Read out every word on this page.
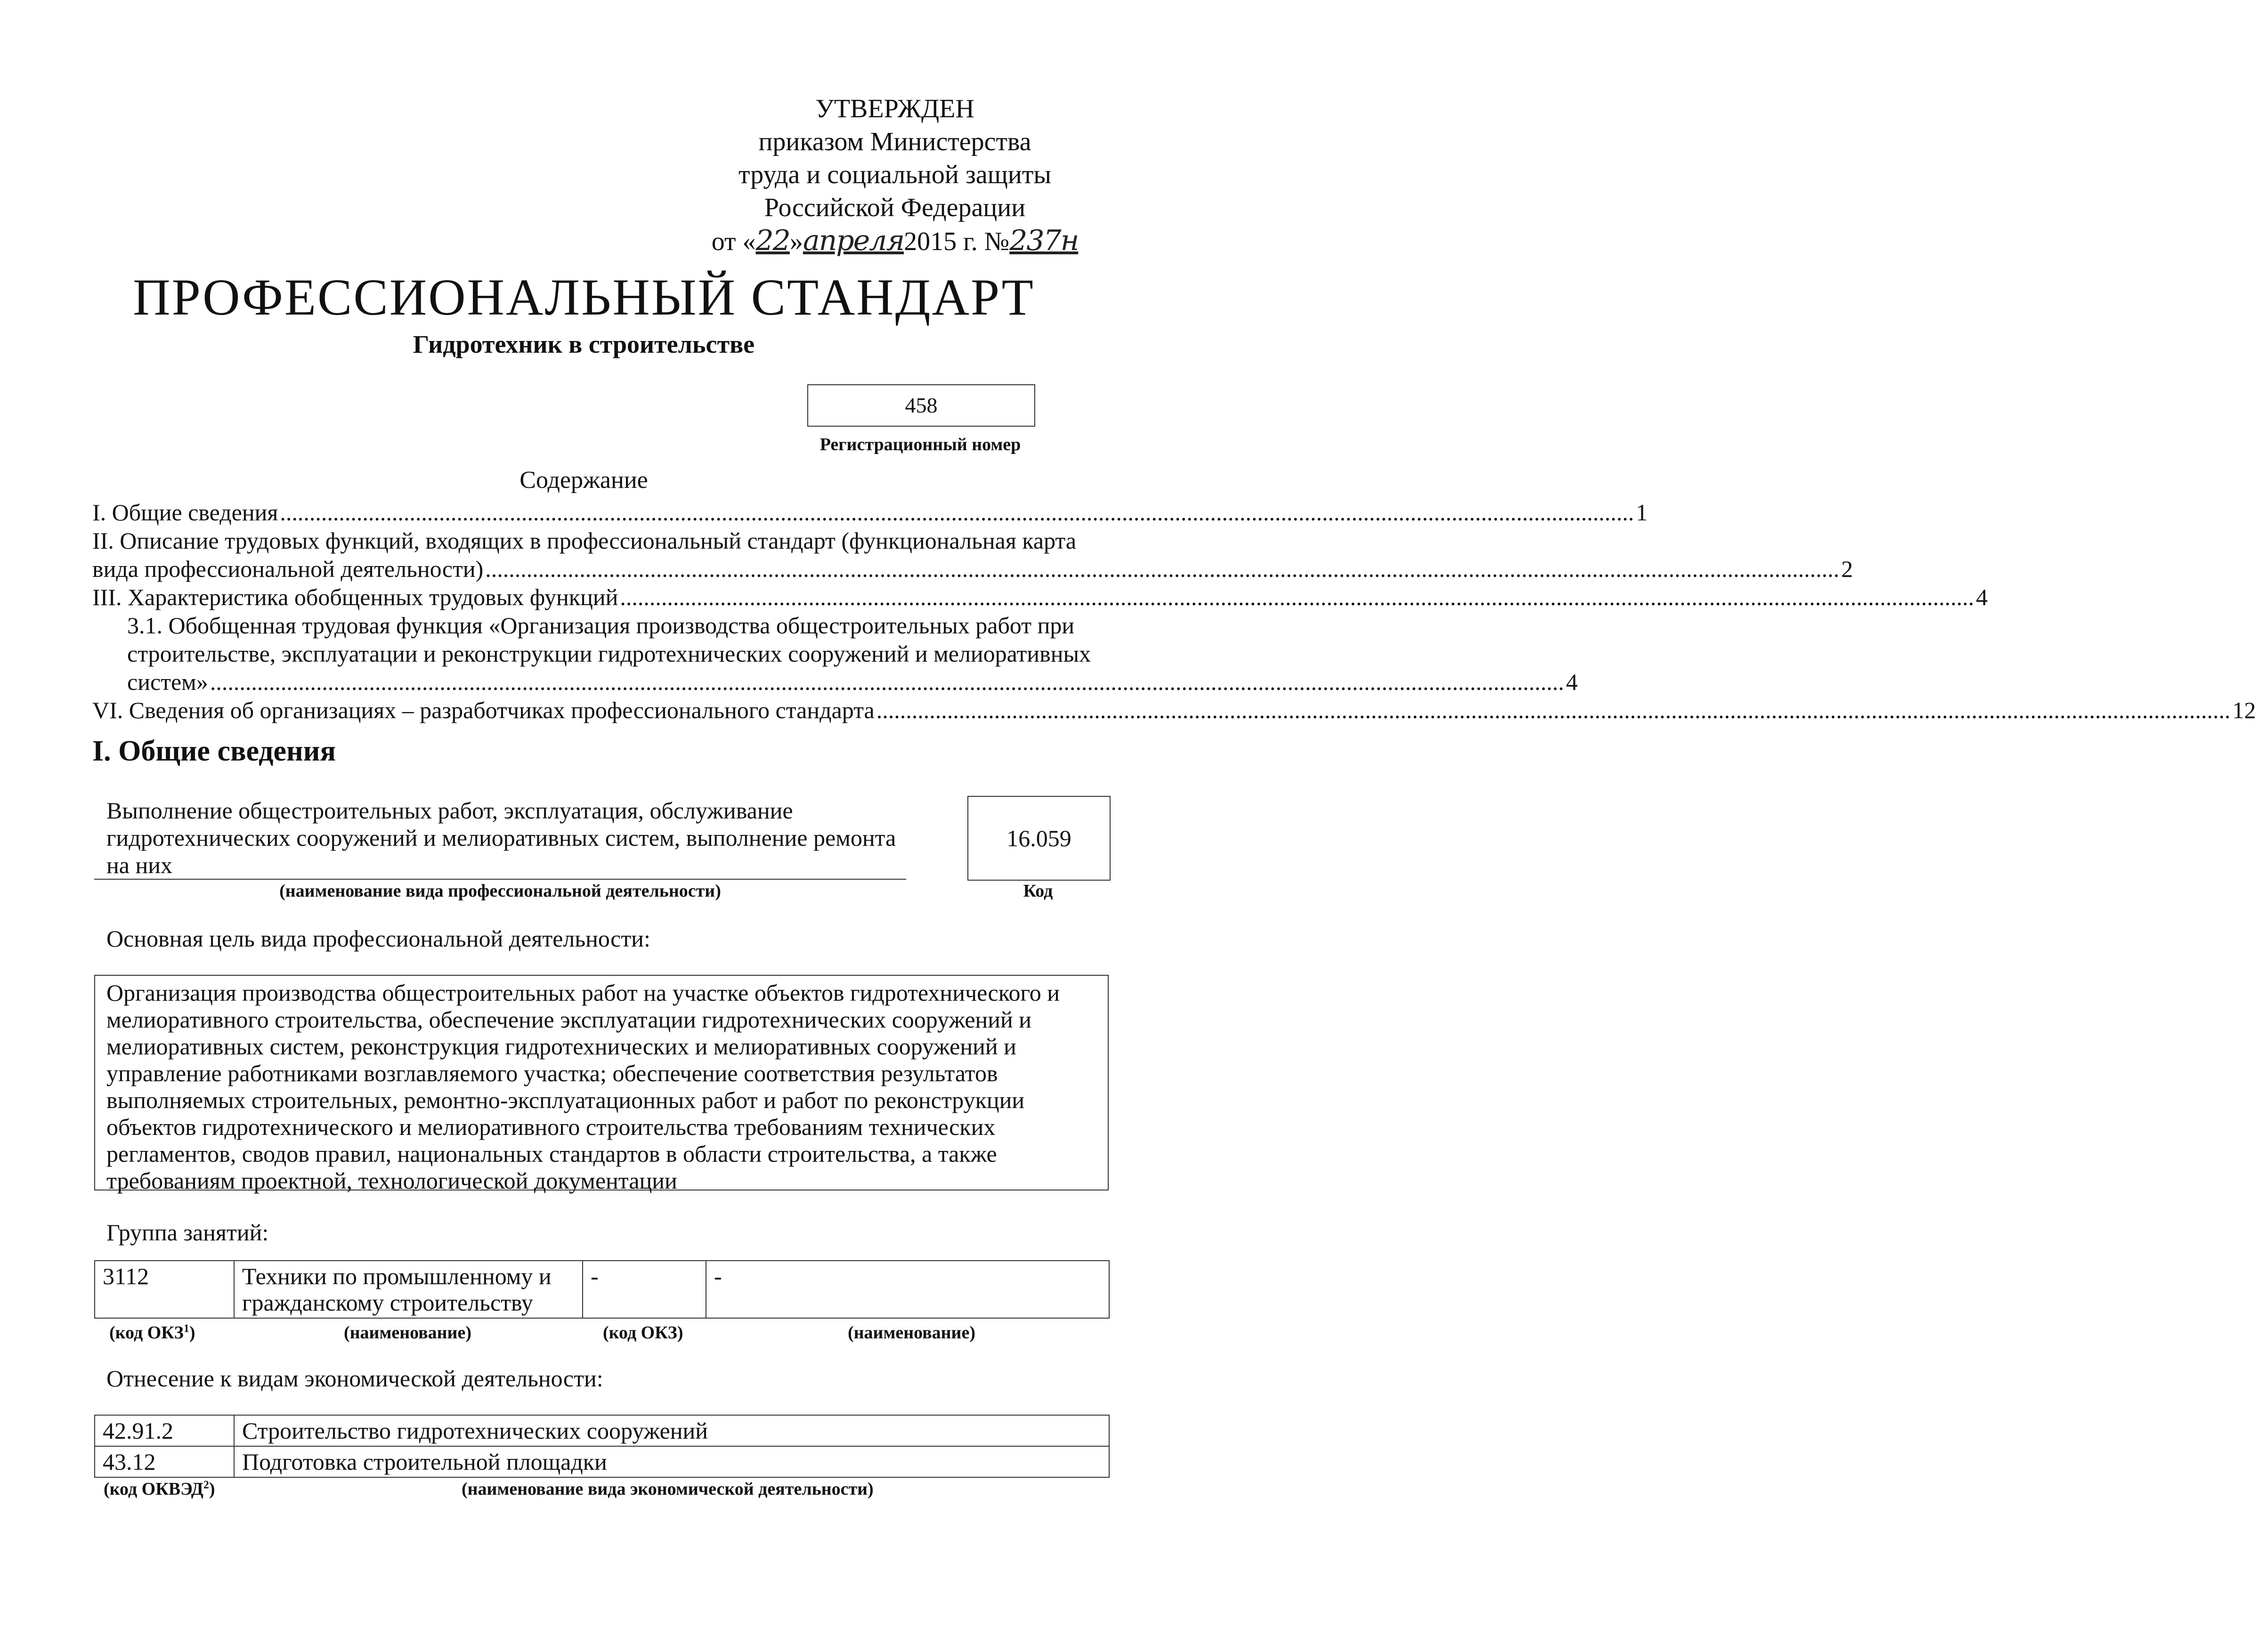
УТВЕРЖДЕН
приказом Министерства
труда и социальной защиты
Российской Федерации
от «22»апреля2015 г. №237н
ПРОФЕССИОНАЛЬНЫЙ СТАНДАРТ
Гидротехник в строительстве
458
Регистрационный номер
Содержание
I. Общие сведения ...................................................................................................................................................................................................................................... 1
II. Описание трудовых функций, входящих в профессиональный стандарт (функциональная карта
вида профессиональной деятельности) ...................................................................................................................................................................................................................................... 2
III. Характеристика обобщенных трудовых функций ...................................................................................................................................................................................................................................... 4
3.1. Обобщенная трудовая функция «Организация производства общестроительных работ при
строительстве, эксплуатации и реконструкции гидротехнических сооружений и мелиоративных
систем» ...................................................................................................................................................................................................................................... 4
VI. Сведения об организациях – разработчиках профессионального стандарта ...................................................................................................................................................................................................................................... 12
I. Общие сведения
Выполнение общестроительных работ, эксплуатация, обслуживание
гидротехнических сооружений и мелиоративных систем, выполнение ремонта
на них
(наименование вида профессиональной деятельности)
16.059
Код
Основная цель вида профессиональной деятельности:
Организация производства общестроительных работ на участке объектов гидротехнического и
мелиоративного строительства, обеспечение эксплуатации гидротехнических сооружений и
мелиоративных систем, реконструкция гидротехнических и мелиоративных сооружений и
управление работниками возглавляемого участка; обеспечение соответствия результатов
выполняемых строительных, ремонтно-эксплуатационных работ и работ по реконструкции
объектов гидротехнического и мелиоративного строительства требованиям технических
регламентов, сводов правил, национальных стандартов в области строительства, а также
требованиям проектной, технологической документации
Группа занятий:
3112	Техники по промышленному и
гражданскому строительству
	-	-
(код ОКЗ$^1$)	(наименование)	(код ОКЗ)	(наименование)
Отнесение к видам экономической деятельности:
42.91.2	Строительство гидротехнических сооружений
43.12	Подготовка строительной площадки
(код ОКВЭД$^2$)	(наименование вида экономической деятельности)
